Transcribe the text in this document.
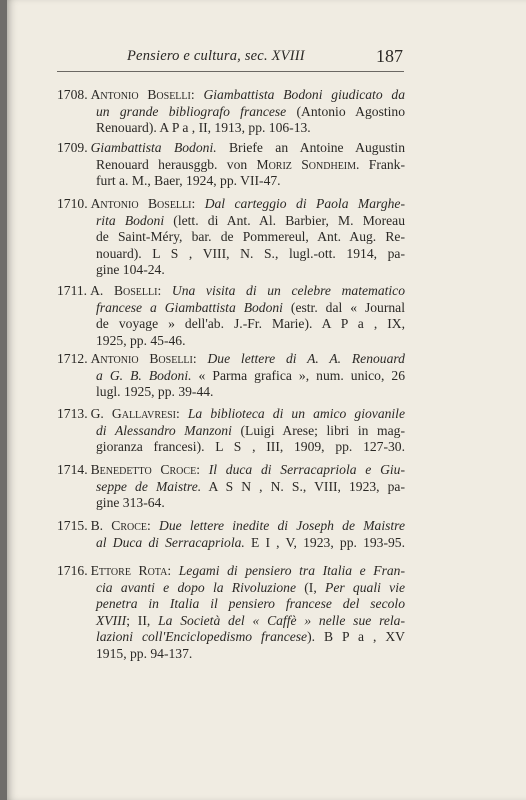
Pensiero e cultura, sec. XVIII	187
1708. Antonio Boselli: Giambattista Bodoni giudicato da
un grande bibliografo francese (Antonio Agostino
Renouard). A P a , II, 1913, pp. 106-13.
1709. Giambattista Bodoni. Briefe an Antoine Augustin
Renouard herausggb. von Moriz Sondheim. Frank-
furt a. M., Baer, 1924, pp. VII-47.
1710. Antonio Boselli: Dal carteggio di Paola Marghe-
rita Bodoni (lett. di Ant. Al. Barbier, M. Moreau
de Saint-Méry, bar. de Pommereul, Ant. Aug. Re-
nouard). L S , VIII, N. S., lugl.-ott. 1914, pa-
gine 104-24.
1711. A. Boselli: Una visita di un celebre matematico
francese a Giambattista Bodoni (estr. dal « Journal
de voyage » dell'ab. J.-Fr. Marie). A P a , IX,
1925, pp. 45-46.
1712. Antonio Boselli: Due lettere di A. A. Renouard
a G. B. Bodoni. « Parma grafica », num. unico, 26
lugl. 1925, pp. 39-44.
1713. G. Gallavresi: La biblioteca di un amico giovanile
di Alessandro Manzoni (Luigi Arese; libri in mag-
gioranza francesi). L S , III, 1909, pp. 127-30.
1714. Benedetto Croce: Il duca di Serracapriola e Giu-
seppe de Maistre. A S N , N. S., VIII, 1923, pa-
gine 313-64.
1715. B. Croce: Due lettere inedite di Joseph de Maistre
al Duca di Serracapriola. E I , V, 1923, pp. 193-95.
1716. Ettore Rota: Legami di pensiero tra Italia e Fran-
cia avanti e dopo la Rivoluzione (I, Per quali vie
penetra in Italia il pensiero francese del secolo
XVIII; II, La Società del « Caffè » nelle sue rela-
lazioni coll'Enciclopedismo francese). B P a , XV
1915, pp. 94-137.
